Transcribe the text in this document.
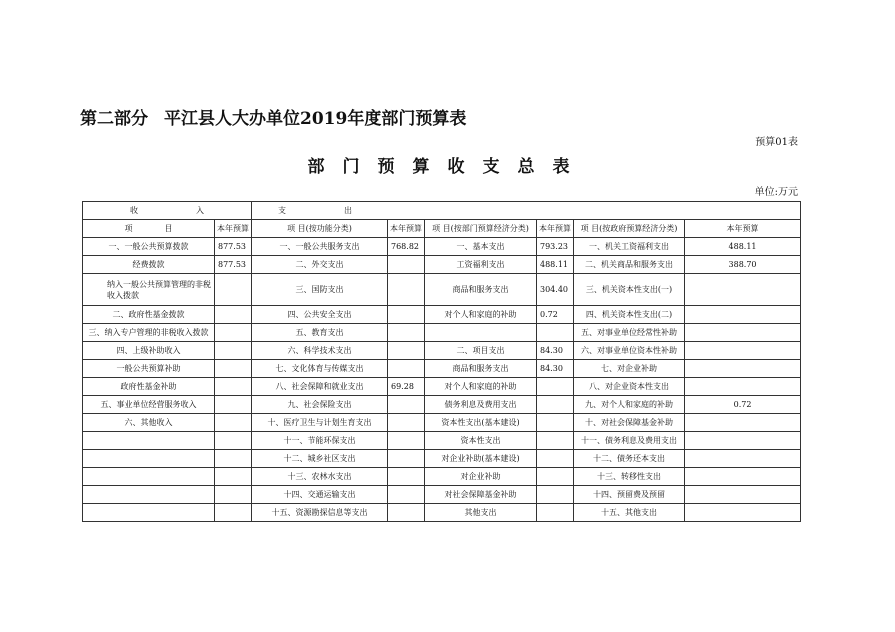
第二部分 平江县人大办单位2019年度部门预算表
预算01表
部门预算收支总表
单位:万元
收 入		支 出					
项　　　　目	本年预算	项 目(按功能分类)	本年预算	项 目(按部门预算经济分类)	本年预算	项 目(按政府预算经济分类)	本年预算
一、一般公共预算拨款	877.53	一、一般公共服务支出	768.82	一、基本支出	793.23	一、机关工资福利支出	488.11
经费拨款	877.53	二、外交支出		工资福利支出	488.11	二、机关商品和服务支出	388.70
纳入一般公共预算管理的非税收入拨款		三、国防支出		商品和服务支出	304.40	三、机关资本性支出(一)	
二、政府性基金拨款		四、公共安全支出		对个人和家庭的补助	0.72	四、机关资本性支出(二)	
三、纳入专户管理的非税收入拨款		五、教育支出				五、对事业单位经常性补助	
四、上级补助收入		六、科学技术支出		二、项目支出	84.30	六、对事业单位资本性补助	
一般公共预算补助		七、文化体育与传媒支出		商品和服务支出	84.30	七、对企业补助	
政府性基金补助		八、社会保障和就业支出	69.28	对个人和家庭的补助		八、对企业资本性支出	
五、事业单位经营服务收入		九、社会保险支出		债务利息及费用支出		九、对个人和家庭的补助	0.72
六、其他收入		十、医疗卫生与计划生育支出		资本性支出(基本建设)		十、对社会保障基金补助	
		十一、节能环保支出		资本性支出		十一、债务利息及费用支出	
		十二、城乡社区支出		对企业补助(基本建设)		十二、债务还本支出	
		十三、农林水支出		对企业补助		十三、转移性支出	
		十四、交通运输支出		对社会保障基金补助		十四、预留费及预留	
		十五、资源勘探信息等支出		其他支出		十五、其他支出	
